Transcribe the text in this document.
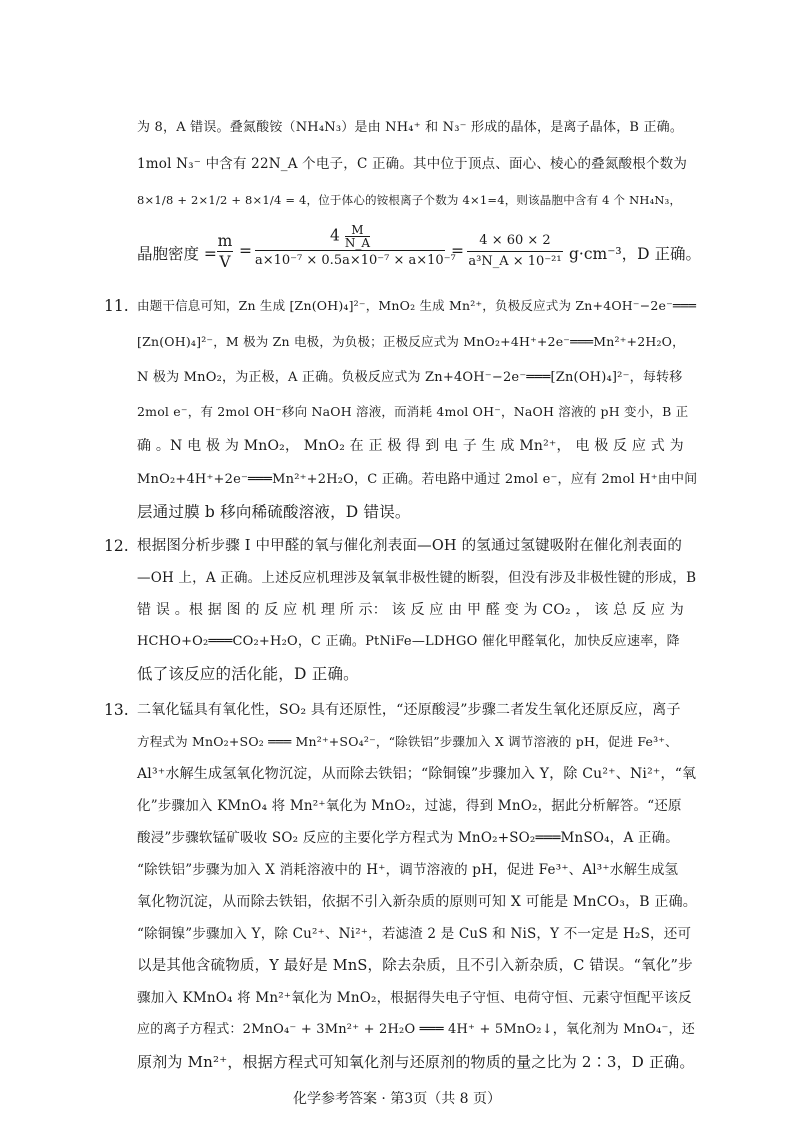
为 8，A 错误。叠氮酸铵（NH₄N₃）是由 NH₄⁺ 和 N₃⁻ 形成的晶体，是离子晶体，B 正确。
1mol N₃⁻ 中含有 22N_A 个电子，C 正确。其中位于顶点、面心、棱心的叠氮酸根个数为
8×1/8 + 2×1/2 + 8×1/4 = 4，位于体心的铵根离子个数为 4×1=4，则该晶胞中含有 4 个 NH₄N₃，
晶胞密度 =
m
V
=
$4 \frac{M}{N\_A}$
a×10⁻⁷ × 0.5a×10⁻⁷ × a×10⁻⁷
=
4 × 60 × 2
a³N_A × 10⁻²¹ g·cm⁻³，D 正确。
11. 由题干信息可知，Zn 生成 [Zn(OH)₄]²⁻，MnO₂ 生成 Mn²⁺，负极反应式为 Zn+4OH⁻−2e⁻═══
[Zn(OH)₄]²⁻，M 极为 Zn 电极，为负极；正极反应式为 MnO₂+4H⁺+2e⁻═══Mn²⁺+2H₂O，
N 极为 MnO₂，为正极，A 正确。负极反应式为 Zn+4OH⁻−2e⁻═══[Zn(OH)₄]²⁻，每转移
2mol e⁻，有 2mol OH⁻移向 NaOH 溶液，而消耗 4mol OH⁻，NaOH 溶液的 pH 变小，B 正
确 。N 电 极 为 MnO₂， MnO₂ 在 正 极 得 到 电 子 生 成 Mn²⁺， 电 极 反 应 式 为
MnO₂+4H⁺+2e⁻═══Mn²⁺+2H₂O，C 正确。若电路中通过 2mol e⁻，应有 2mol H⁺由中间
层通过膜 b 移向稀硫酸溶液，D 错误。
12. 根据图分析步骤 I 中甲醛的氧与催化剂表面—OH 的氢通过氢键吸附在催化剂表面的
—OH 上，A 正确。上述反应机理涉及氧氧非极性键的断裂，但没有涉及非极性键的形成，B
错 误 。根 据 图 的 反 应 机 理 所 示： 该 反 应 由 甲 醛 变 为 CO₂ ， 该 总 反 应 为
HCHO+O₂═══CO₂+H₂O，C 正确。PtNiFe—LDHGO 催化甲醛氧化，加快反应速率，降
低了该反应的活化能，D 正确。
13. 二氧化锰具有氧化性，SO₂ 具有还原性，“还原酸浸”步骤二者发生氧化还原反应，离子
方程式为 MnO₂+SO₂ ═══ Mn²⁺+SO₄²⁻，“除铁铝”步骤加入 X 调节溶液的 pH，促进 Fe³⁺、
Al³⁺水解生成氢氧化物沉淀，从而除去铁铝；“除铜镍”步骤加入 Y，除 Cu²⁺、Ni²⁺，“氧
化”步骤加入 KMnO₄ 将 Mn²⁺氧化为 MnO₂，过滤，得到 MnO₂，据此分析解答。“还原
酸浸”步骤软锰矿吸收 SO₂ 反应的主要化学方程式为 MnO₂+SO₂═══MnSO₄，A 正确。
“除铁铝”步骤为加入 X 消耗溶液中的 H⁺，调节溶液的 pH，促进 Fe³⁺、Al³⁺水解生成氢
氧化物沉淀，从而除去铁铝，依据不引入新杂质的原则可知 X 可能是 MnCO₃，B 正确。
“除铜镍”步骤加入 Y，除 Cu²⁺、Ni²⁺，若滤渣 2 是 CuS 和 NiS，Y 不一定是 H₂S，还可
以是其他含硫物质，Y 最好是 MnS，除去杂质，且不引入新杂质，C 错误。“氧化”步
骤加入 KMnO₄ 将 Mn²⁺氧化为 MnO₂，根据得失电子守恒、电荷守恒、元素守恒配平该反
应的离子方程式：2MnO₄⁻ + 3Mn²⁺ + 2H₂O ═══ 4H⁺ + 5MnO₂↓，氧化剂为 MnO₄⁻，还
原剂为 Mn²⁺，根据方程式可知氧化剂与还原剂的物质的量之比为 2∶3，D 正确。
化学参考答案 · 第3页（共 8 页）
